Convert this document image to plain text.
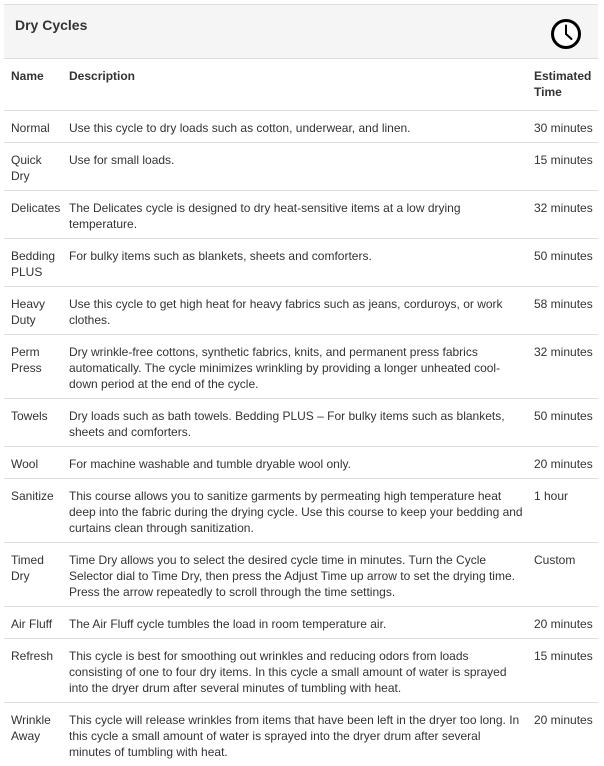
Dry Cycles
Name	Description	Estimated Time
Normal	Use this cycle to dry loads such as cotton, underwear, and linen.	30 minutes
Quick Dry	Use for small loads.	15 minutes
Delicates	The Delicates cycle is designed to dry heat-sensitive items at a low drying temperature.	32 minutes
Bedding PLUS	For bulky items such as blankets, sheets and comforters.	50 minutes
Heavy Duty	Use this cycle to get high heat for heavy fabrics such as jeans, corduroys, or work clothes.	58 minutes
Perm Press	Dry wrinkle-free cottons, synthetic fabrics, knits, and permanent press fabrics automatically. The cycle minimizes wrinkling by providing a longer unheated cool-down period at the end of the cycle.	32 minutes
Towels	Dry loads such as bath towels. Bedding PLUS – For bulky items such as blankets, sheets and comforters.	50 minutes
Wool	For machine washable and tumble dryable wool only.	20 minutes
Sanitize	This course allows you to sanitize garments by permeating high temperature heat deep into the fabric during the drying cycle. Use this course to keep your bedding and curtains clean through sanitization.	1 hour
Timed Dry	Time Dry allows you to select the desired cycle time in minutes. Turn the Cycle Selector dial to Time Dry, then press the Adjust Time up arrow to set the drying time. Press the arrow repeatedly to scroll through the time settings.	Custom
Air Fluff	The Air Fluff cycle tumbles the load in room temperature air.	20 minutes
Refresh	This cycle is best for smoothing out wrinkles and reducing odors from loads consisting of one to four dry items. In this cycle a small amount of water is sprayed into the dryer drum after several minutes of tumbling with heat.	15 minutes
Wrinkle Away	This cycle will release wrinkles from items that have been left in the dryer too long. In this cycle a small amount of water is sprayed into the dryer drum after several minutes of tumbling with heat.	20 minutes
